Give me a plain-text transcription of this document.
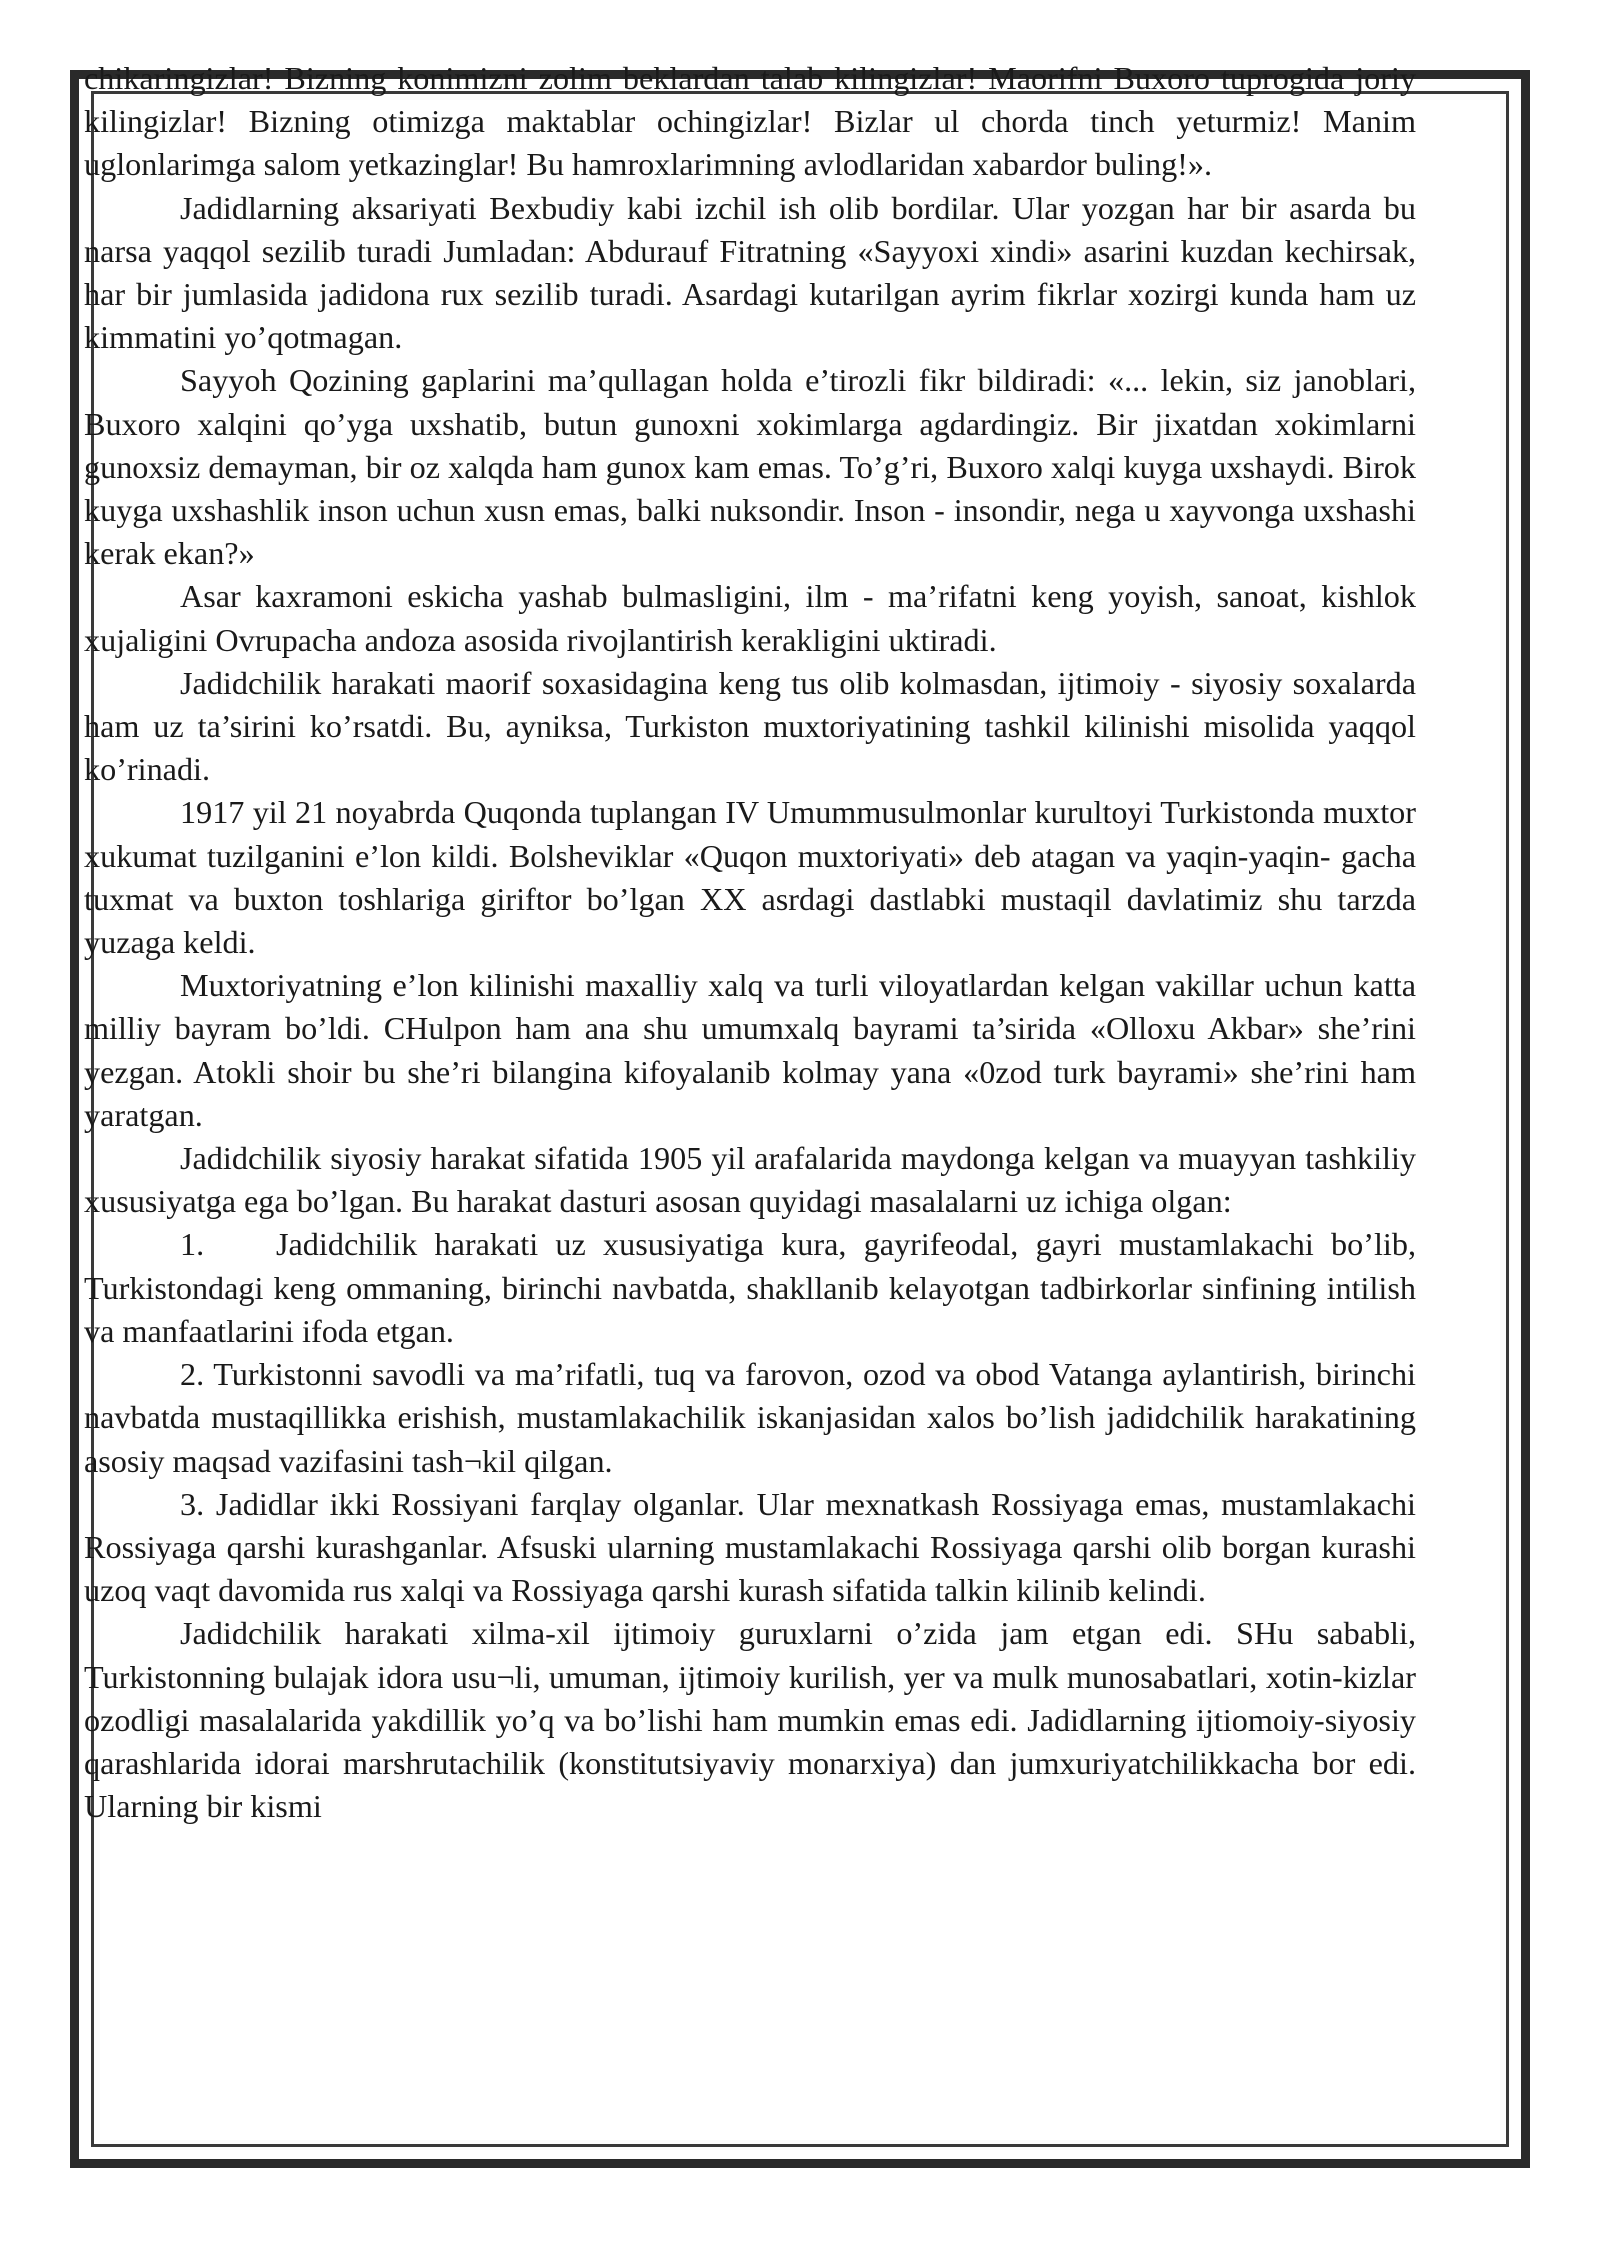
chikaringizlar! Bizning konimizni zolim beklardan talab kilingizlar! Maorifni Buxoro tuprogida joriy kilingizlar! Bizning otimizga maktablar ochingizlar! Bizlar ul chorda tinch yeturmiz! Manim uglonlarimga salom yetkazinglar! Bu hamroxlarimning avlodlaridan xabardor buling!».

Jadidlarning aksariyati Bexbudiy kabi izchil ish olib bordilar. Ular yozgan har bir asarda bu narsa yaqqol sezilib turadi Jumladan: Abdurauf Fitratning «Sayyoxi xindi» asarini kuzdan kechirsak, har bir jumlasida jadidona rux sezilib turadi. Asardagi kutarilgan ayrim fikrlar xozirgi kunda ham uz kimmatini yo’qotmagan.

Sayyoh Qozining gaplarini ma’qullagan holda e’tirozli fikr bildiradi: «... lekin, siz janoblari, Buxoro xalqini qo’yga uxshatib, butun gunoxni xokimlarga agdardingiz. Bir jixatdan xokimlarni gunoxsiz demayman, bir oz xalqda ham gunox kam emas. To’g’ri, Buxoro xalqi kuyga uxshaydi. Birok kuyga uxshashlik inson uchun xusn emas, balki nuksondir. Inson - insondir, nega u xayvonga uxshashi kerak ekan?»

Asar kaxramoni eskicha yashab bulmasligini, ilm - ma’rifatni keng yoyish, sanoat, kishlok xujaligini Ovrupacha andoza asosida rivojlantirish kerakligini uktiradi.

Jadidchilik harakati maorif soxasidagina keng tus olib kolmasdan, ijtimoiy - siyosiy soxalarda ham uz ta’sirini ko’rsatdi. Bu, ayniksa, Turkiston muxtoriyatining tashkil kilinishi misolida yaqqol ko’rinadi.

1917 yil 21 noyabrda Quqonda tuplangan IV Umummusulmonlar kurultoyi Turkistonda muxtor xukumat tuzilganini e’lon kildi. Bolsheviklar «Quqon muxtoriyati» deb atagan va yaqin-yaqin- gacha tuxmat va buxton toshlariga giriftor bo’lgan XX asrdagi dastlabki mustaqil davlatimiz shu tarzda yuzaga keldi.

Muxtoriyatning e’lon kilinishi maxalliy xalq va turli viloyatlardan kelgan vakillar uchun katta milliy bayram bo’ldi. CHulpon ham ana shu umumxalq bayrami ta’sirida «Olloxu Akbar» she’rini yezgan. Atokli shoir bu she’ri bilangina kifoyalanib kolmay yana «0zod turk bayrami» she’rini ham yaratgan.

Jadidchilik siyosiy harakat sifatida 1905 yil arafalarida maydonga kelgan va muayyan tashkiliy xususiyatga ega bo’lgan. Bu harakat dasturi asosan quyidagi masalalarni uz ichiga olgan:

1. Jadidchilik harakati uz xususiyatiga kura, gayrifeodal, gayri mustamlakachi bo’lib, Turkistondagi keng ommaning, birinchi navbatda, shakllanib kelayotgan tadbirkorlar sinfining intilish va manfaatlarini ifoda etgan.

2. Turkistonni savodli va ma’rifatli, tuq va farovon, ozod va obod Vatanga aylantirish, birinchi navbatda mustaqillikka erishish, mustamlakachilik iskanjasidan xalos bo’lish jadidchilik harakatining asosiy maqsad vazifasini tash¬kil qilgan.

3. Jadidlar ikki Rossiyani farqlay olganlar. Ular mexnatkash Rossiyaga emas, mustamlakachi Rossiyaga qarshi kurashganlar. Afsuski ularning mustamlakachi Rossiyaga qarshi olib borgan kurashi uzoq vaqt davomida rus xalqi va Rossiyaga qarshi kurash sifatida talkin kilinib kelindi.

Jadidchilik harakati xilma-xil ijtimoiy guruxlarni o’zida jam etgan edi. SHu sababli, Turkistonning bulajak idora usu¬li, umuman, ijtimoiy kurilish, yer va mulk munosabatlari, xotin-kizlar ozodligi masalalarida yakdillik yo’q va bo’lishi ham mumkin emas edi. Jadidlarning ijtiomoiy-siyosiy qarashlarida idorai marshrutachilik (konstitutsiyaviy monarxiya) dan jumxuriyatchilikkacha bor edi. Ularning bir kismi
